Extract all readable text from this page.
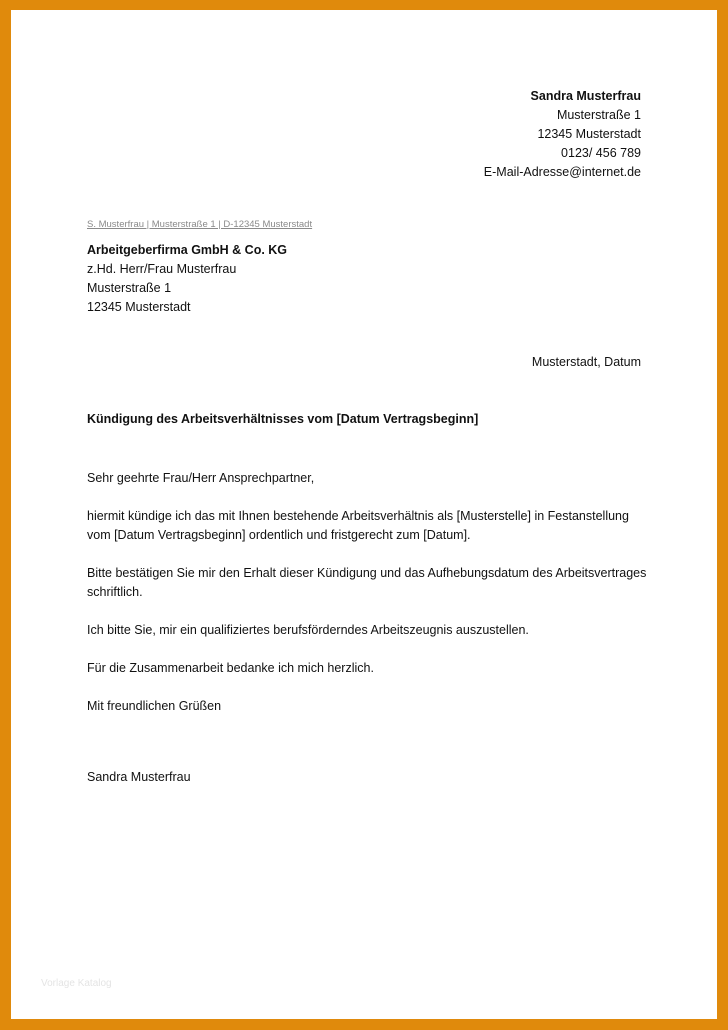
Sandra Musterfrau
Musterstraße 1
12345 Musterstadt
0123/ 456 789
E-Mail-Adresse@internet.de
S. Musterfrau | Musterstraße 1 | D-12345 Musterstadt
Arbeitgeberfirma GmbH & Co. KG
z.Hd. Herr/Frau Musterfrau
Musterstraße 1
12345 Musterstadt
Musterstadt, Datum
Kündigung des Arbeitsverhältnisses vom [Datum Vertragsbeginn]

Sehr geehrte Frau/Herr Ansprechpartner,

hiermit kündige ich das mit Ihnen bestehende Arbeitsverhältnis als [Musterstelle] in Festanstellung vom [Datum Vertragsbeginn] ordentlich und fristgerecht zum [Datum].

Bitte bestätigen Sie mir den Erhalt dieser Kündigung und das Aufhebungsdatum des Arbeitsvertrages schriftlich.

Ich bitte Sie, mir ein qualifiziertes berufsförderndes Arbeitszeugnis auszustellen.

Für die Zusammenarbeit bedanke ich mich herzlich.

Mit freundlichen Grüßen

Sandra Musterfrau
Vorlage Katalog
